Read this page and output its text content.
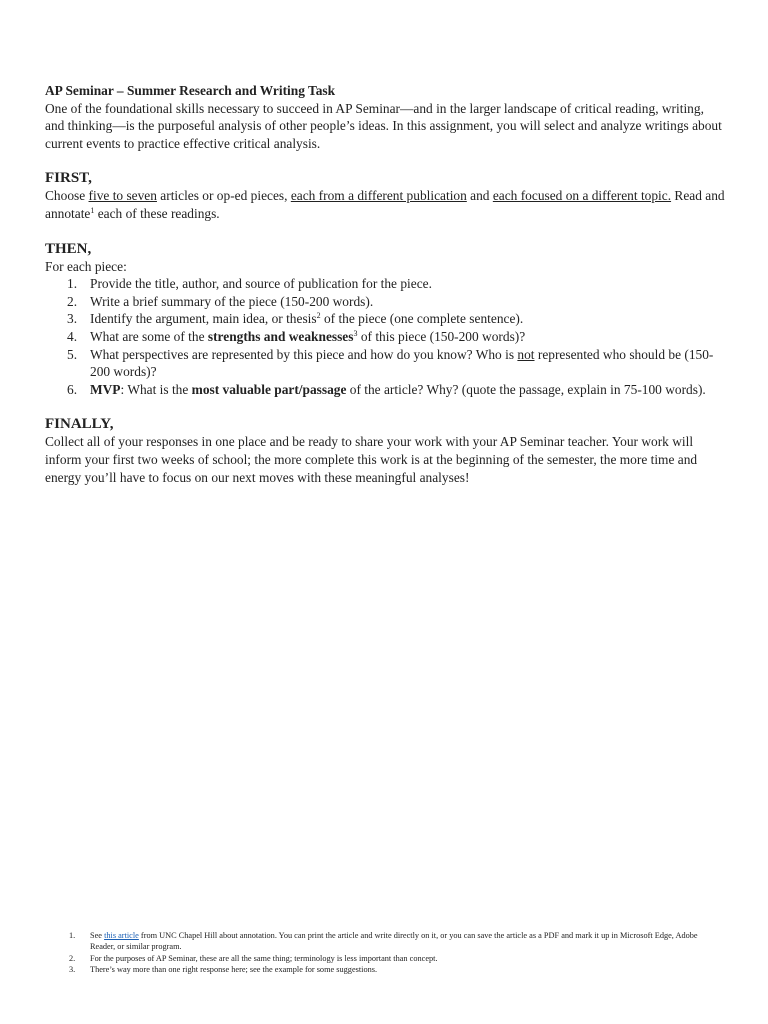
AP Seminar – Summer Research and Writing Task

One of the foundational skills necessary to succeed in AP Seminar—and in the larger landscape of critical reading, writing, and thinking—is the purposeful analysis of other people’s ideas. In this assignment, you will select and analyze writings about current events to practice effective critical analysis.

FIRST,

Choose five to seven articles or op-ed pieces, each from a different publication and each focused on a different topic. Read and annotate$^1$ each of these readings.

THEN,

For each piece:

1. Provide the title, author, and source of publication for the piece.
2. Write a brief summary of the piece (150-200 words).
3. Identify the argument, main idea, or thesis$^2$ of the piece (one complete sentence).
4. What are some of the strengths and weaknesses$^3$ of this piece (150-200 words)?
5. What perspectives are represented by this piece and how do you know? Who is not represented who should be (150-200 words)?
6. MVP: What is the most valuable part/passage of the article? Why? (quote the passage, explain in 75-100 words).
FINALLY,

Collect all of your responses in one place and be ready to share your work with your AP Seminar teacher. Your work will inform your first two weeks of school; the more complete this work is at the beginning of the semester, the more time and energy you’ll have to focus on our next moves with these meaningful analyses!

1. See this article from UNC Chapel Hill about annotation. You can print the article and write directly on it, or you can save the article as a PDF and mark it up in Microsoft Edge, Adobe Reader, or similar program.
2. For the purposes of AP Seminar, these are all the same thing; terminology is less important than concept.
3. There’s way more than one right response here; see the example for some suggestions.
